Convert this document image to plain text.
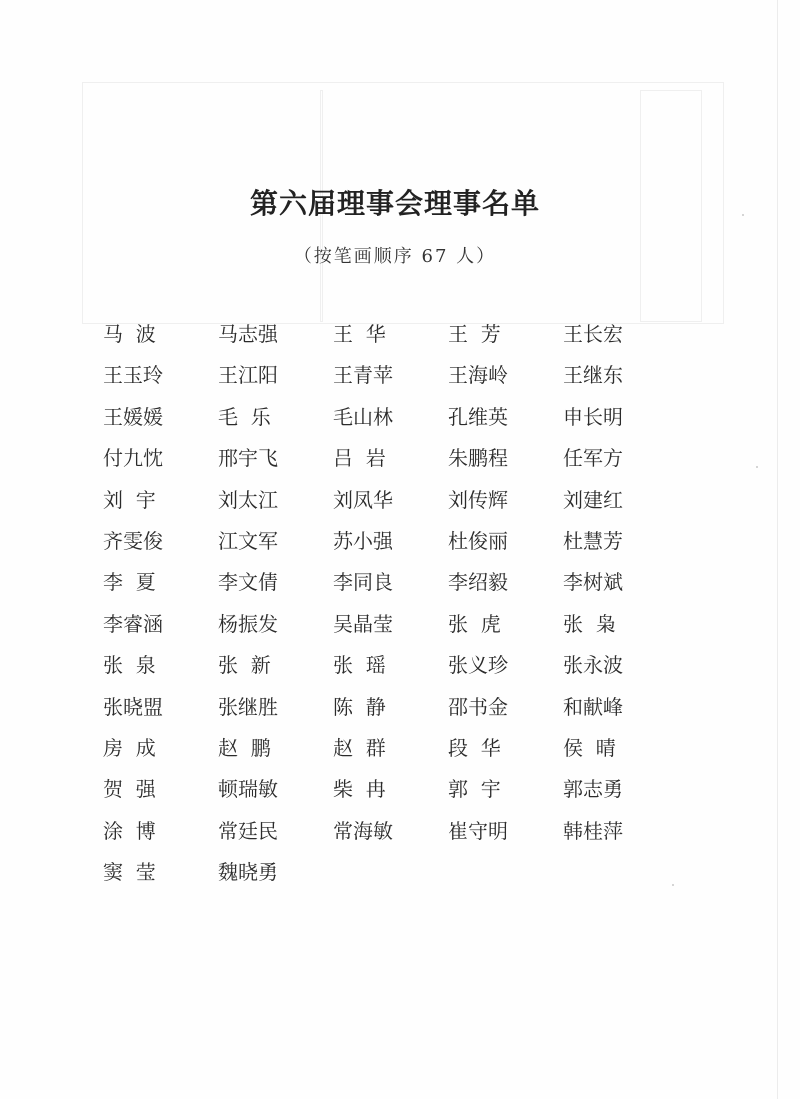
第六届理事会理事名单

（按笔画顺序 67 人）

马  波	马志强	王  华	王  芳	王长宏
王玉玲	王江阳	王青苹	王海岭	王继东
王媛媛	毛  乐	毛山林	孔维英	申长明
付九忱	邢宇飞	吕  岩	朱鹏程	任军方
刘  宇	刘太江	刘凤华	刘传辉	刘建红
齐雯俊	江文军	苏小强	杜俊丽	杜慧芳
李  夏	李文倩	李同良	李绍毅	李树斌
李睿涵	杨振发	吴晶莹	张  虎	张  枭
张  泉	张  新	张  瑶	张义珍	张永波
张晓盟	张继胜	陈  静	邵书金	和献峰
房  成	赵  鹏	赵  群	段  华	侯  晴
贺  强	顿瑞敏	柴  冉	郭  宇	郭志勇
涂  博	常廷民	常海敏	崔守明	韩桂萍
窦  莹	魏晓勇
